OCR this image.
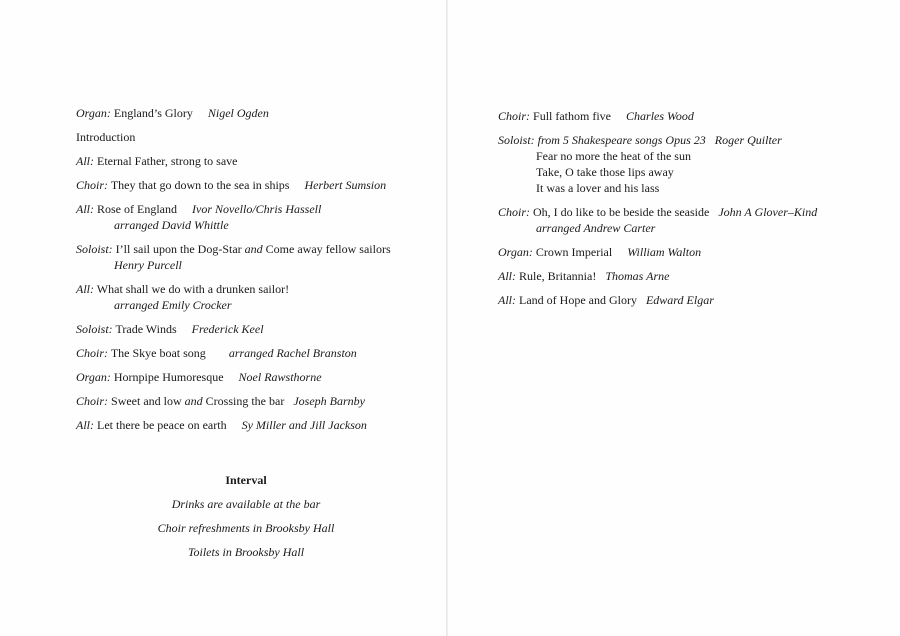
Organ: England’s Glory Nigel Ogden

Introduction

All: Eternal Father, strong to save

Choir: They that go down to the sea in ships Herbert Sumsion

All: Rose of England Ivor Novello/Chris Hassell
arranged David Whittle

Soloist: I’ll sail upon the Dog-Star and Come away fellow sailors
Henry Purcell

All: What shall we do with a drunken sailor!
arranged Emily Crocker

Soloist: Trade Winds Frederick Keel

Choir: The Skye boat song arranged Rachel Branston

Organ: Hornpipe Humoresque Noel Rawsthorne

Choir: Sweet and low and Crossing the bar Joseph Barnby

All: Let there be peace on earth Sy Miller and Jill Jackson

Interval
Drinks are available at the bar
Choir refreshments in Brooksby Hall
Toilets in Brooksby Hall

Choir: Full fathom five Charles Wood

Soloist: from 5 Shakespeare songs Opus 23 Roger Quilter
Fear no more the heat of the sun
Take, O take those lips away
It was a lover and his lass

Choir: Oh, I do like to be beside the seaside John A Glover–Kind
arranged Andrew Carter

Organ: Crown Imperial William Walton

All: Rule, Britannia! Thomas Arne

All: Land of Hope and Glory Edward Elgar
